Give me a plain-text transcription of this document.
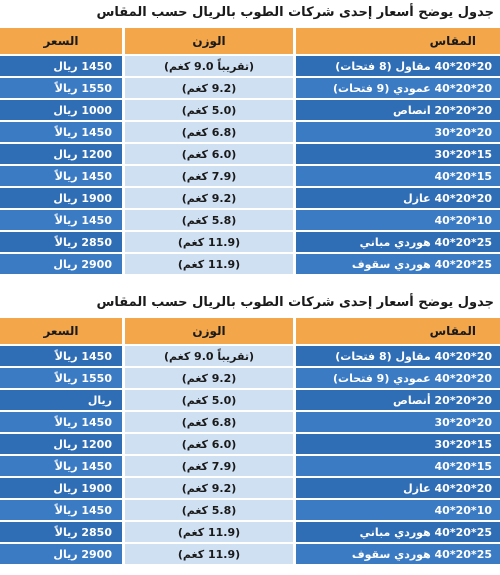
جدول يوضح أسعار إحدى شركات الطوب بالريال حسب المقاس
المقاس	الوزن	السعر
20*20*40 مقاول (8 فتحات)	(تقريباً 9.0 كغم)	1450 ريال
20*20*40 عمودي (9 فتحات)	(9.2 كغم)	1550 ريالاً
20*20*20 انصاص	(5.0 كغم)	1000 ريال
20*20*30	(6.8 كغم)	1450 ريالاً
15*20*30	(6.0 كغم)	1200 ريال
15*20*40	(7.9 كغم)	1450 ريالاً
20*20*40 عازل	(9.2 كغم)	1900 ريال
10*20*40	(5.8 كغم)	1450 ريالاً
25*20*40 هوردي مباني	(11.9 كغم)	2850 ريالاً
25*20*40 هوردي سقوف	(11.9 كغم)	2900 ريال
جدول يوضح أسعار إحدى شركات الطوب بالريال حسب المقاس
المقاس	الوزن	السعر
20*20*40 مقاول (8 فتحات)	(تقريباً 9.0 كغم)	1450 ريالاً
20*20*40 عمودي (9 فتحات)	(9.2 كغم)	1550 ريالاً
20*20*20 أنصاص	(5.0 كغم)	ريال
20*20*30	(6.8 كغم)	1450 ريالاً
15*20*30	(6.0 كغم)	1200 ريال
15*20*40	(7.9 كغم)	1450 ريالاً
20*20*40 عازل	(9.2 كغم)	1900 ريال
10*20*40	(5.8 كغم)	1450 ريالاً
25*20*40 هوردي مباني	(11.9 كغم)	2850 ريالاً
25*20*40 هوردي سقوف	(11.9 كغم)	2900 ريال
